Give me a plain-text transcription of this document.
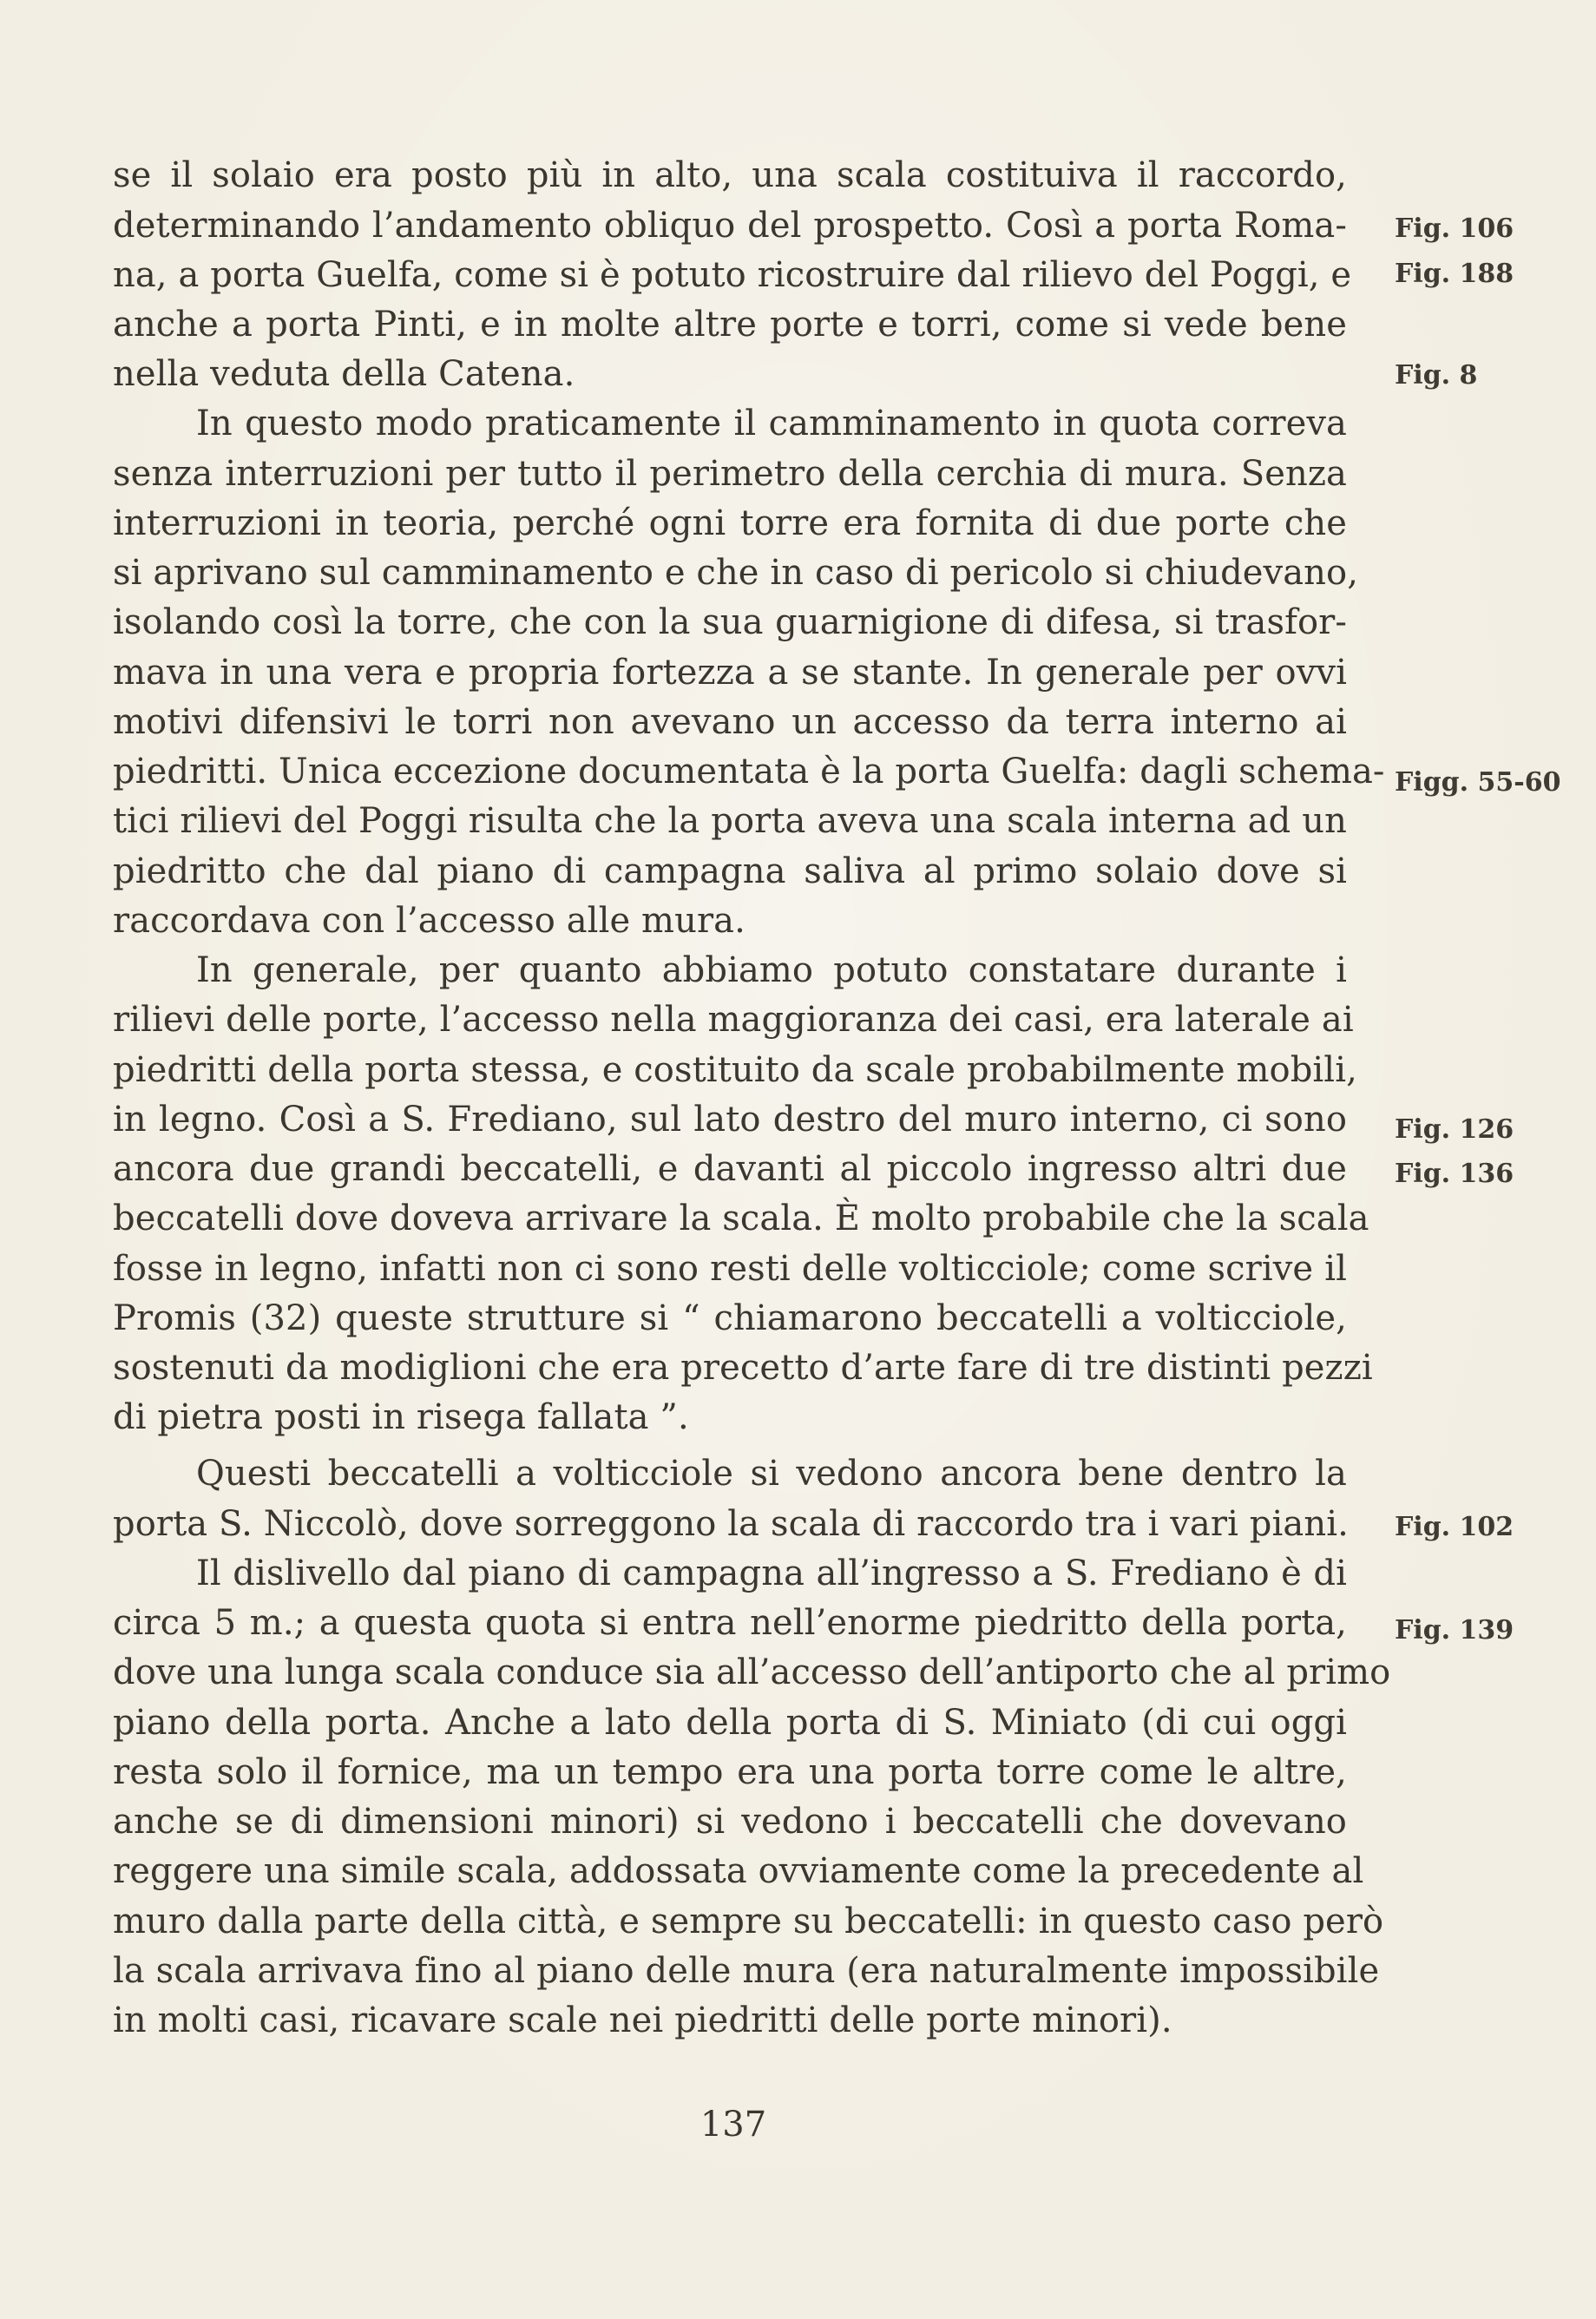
se il solaio era posto più in alto, una scala costituiva il raccordo,
determinando l’andamento obliquo del prospetto. Così a porta Roma-
na, a porta Guelfa, come si è potuto ricostruire dal rilievo del Poggi, e
anche a porta Pinti, e in molte altre porte e torri, come si vede bene
nella veduta della Catena.
In questo modo praticamente il camminamento in quota correva
senza interruzioni per tutto il perimetro della cerchia di mura. Senza
interruzioni in teoria, perché ogni torre era fornita di due porte che
si aprivano sul camminamento e che in caso di pericolo si chiudevano,
isolando così la torre, che con la sua guarnigione di difesa, si trasfor-
mava in una vera e propria fortezza a se stante. In generale per ovvi
motivi difensivi le torri non avevano un accesso da terra interno ai
piedritti. Unica eccezione documentata è la porta Guelfa: dagli schema-
tici rilievi del Poggi risulta che la porta aveva una scala interna ad un
piedritto che dal piano di campagna saliva al primo solaio dove si
raccordava con l’accesso alle mura.
In generale, per quanto abbiamo potuto constatare durante i
rilievi delle porte, l’accesso nella maggioranza dei casi, era laterale ai
piedritti della porta stessa, e costituito da scale probabilmente mobili,
in legno. Così a S. Frediano, sul lato destro del muro interno, ci sono
ancora due grandi beccatelli, e davanti al piccolo ingresso altri due
beccatelli dove doveva arrivare la scala. È molto probabile che la scala
fosse in legno, infatti non ci sono resti delle volticciole; come scrive il
Promis (32) queste strutture si “ chiamarono beccatelli a volticciole,
sostenuti da modiglioni che era precetto d’arte fare di tre distinti pezzi
di pietra posti in risega fallata ”.
Questi beccatelli a volticciole si vedono ancora bene dentro la
porta S. Niccolò, dove sorreggono la scala di raccordo tra i vari piani.
Il dislivello dal piano di campagna all’ingresso a S. Frediano è di
circa 5 m.; a questa quota si entra nell’enorme piedritto della porta,
dove una lunga scala conduce sia all’accesso dell’antiporto che al primo
piano della porta. Anche a lato della porta di S. Miniato (di cui oggi
resta solo il fornice, ma un tempo era una porta torre come le altre,
anche se di dimensioni minori) si vedono i beccatelli che dovevano
reggere una simile scala, addossata ovviamente come la precedente al
muro dalla parte della città, e sempre su beccatelli: in questo caso però
la scala arrivava fino al piano delle mura (era naturalmente impossibile
in molti casi, ricavare scale nei piedritti delle porte minori).
Fig. 106
Fig. 188
Fig. 8
Figg. 55-60
Fig. 126
Fig. 136
Fig. 102
Fig. 139
137
